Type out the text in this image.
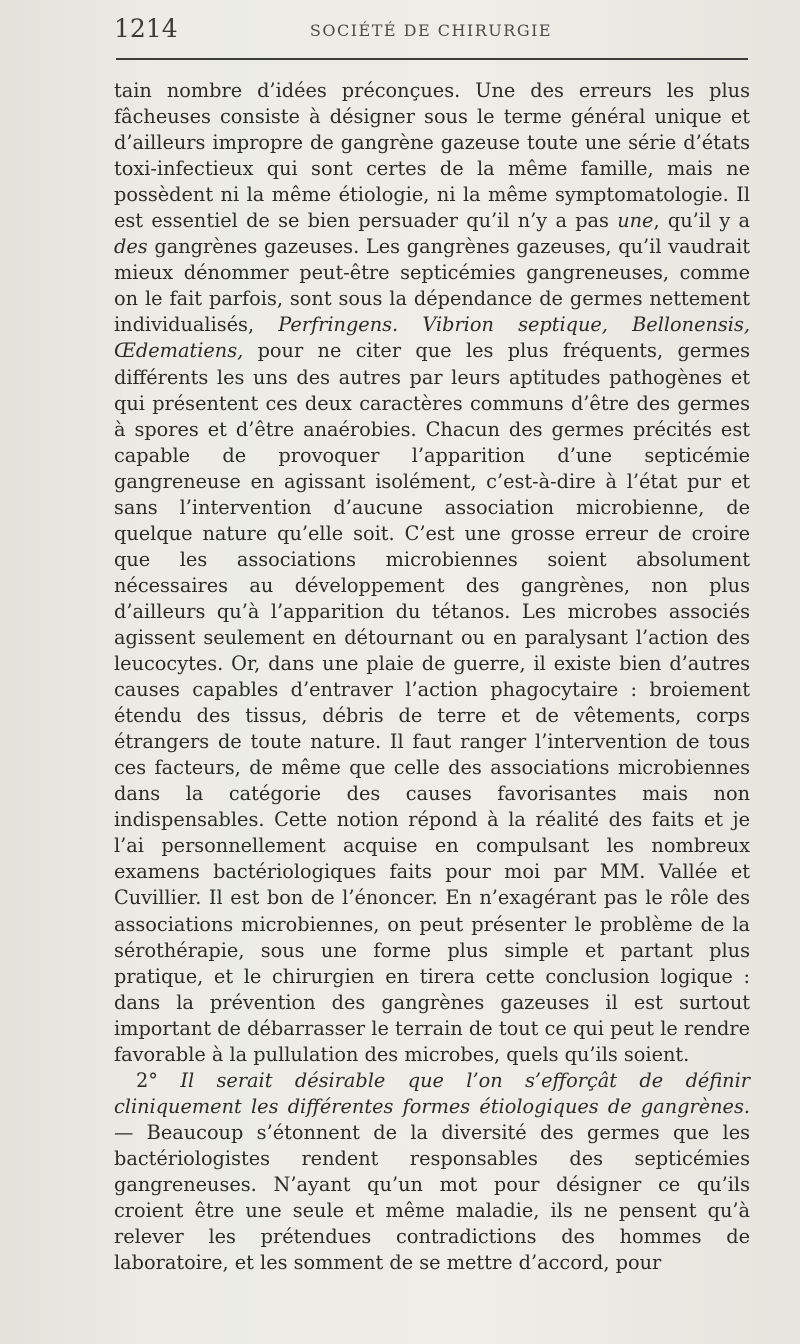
1214	SOCIÉTÉ DE CHIRURGIE

tain nombre d’idées préconçues. Une des erreurs les plus fâcheuses consiste à désigner sous le terme général unique et d’ailleurs impropre de gangrène gazeuse toute une série d’états toxi-infectieux qui sont certes de la même famille, mais ne possèdent ni la même étiologie, ni la même symptomatologie. Il est essentiel de se bien persuader qu’il n’y a pas une, qu’il y a des gangrènes gazeuses. Les gangrènes gazeuses, qu’il vaudrait mieux dénommer peut-être septicémies gangreneuses, comme on le fait parfois, sont sous la dépendance de germes nettement individualisés, Perfringens. Vibrion septique, Bellonensis, Œdematiens, pour ne citer que les plus fréquents, germes différents les uns des autres par leurs aptitudes pathogènes et qui présentent ces deux caractères communs d’être des germes à spores et d’être anaérobies. Chacun des germes précités est capable de provoquer l’apparition d’une septicémie gangreneuse en agissant isolément, c’est-à-dire à l’état pur et sans l’intervention d’aucune association microbienne, de quelque nature qu’elle soit. C’est une grosse erreur de croire que les associations microbiennes soient absolument nécessaires au développement des gangrènes, non plus d’ailleurs qu’à l’apparition du tétanos. Les microbes associés agissent seulement en détournant ou en paralysant l’action des leucocytes. Or, dans une plaie de guerre, il existe bien d’autres causes capables d’entraver l’action phagocytaire : broiement étendu des tissus, débris de terre et de vêtements, corps étrangers de toute nature. Il faut ranger l’intervention de tous ces facteurs, de même que celle des associations microbiennes dans la catégorie des causes favorisantes mais non indispensables. Cette notion répond à la réalité des faits et je l’ai personnellement acquise en compulsant les nombreux examens bactériologiques faits pour moi par MM. Vallée et Cuvillier. Il est bon de l’énoncer. En n’exagérant pas le rôle des associations microbiennes, on peut présenter le problème de la sérothérapie, sous une forme plus simple et partant plus pratique, et le chirurgien en tirera cette conclusion logique : dans la prévention des gangrènes gazeuses il est surtout important de débarrasser le terrain de tout ce qui peut le rendre favorable à la pullulation des microbes, quels qu’ils soient.

2° Il serait désirable que l’on s’efforçât de définir cliniquement les différentes formes étiologiques de gangrènes. — Beaucoup s’étonnent de la diversité des germes que les bactériologistes rendent responsables des septicémies gangreneuses. N’ayant qu’un mot pour désigner ce qu’ils croient être une seule et même maladie, ils ne pensent qu’à relever les prétendues contradictions des hommes de laboratoire, et les somment de se mettre d’accord, pour
